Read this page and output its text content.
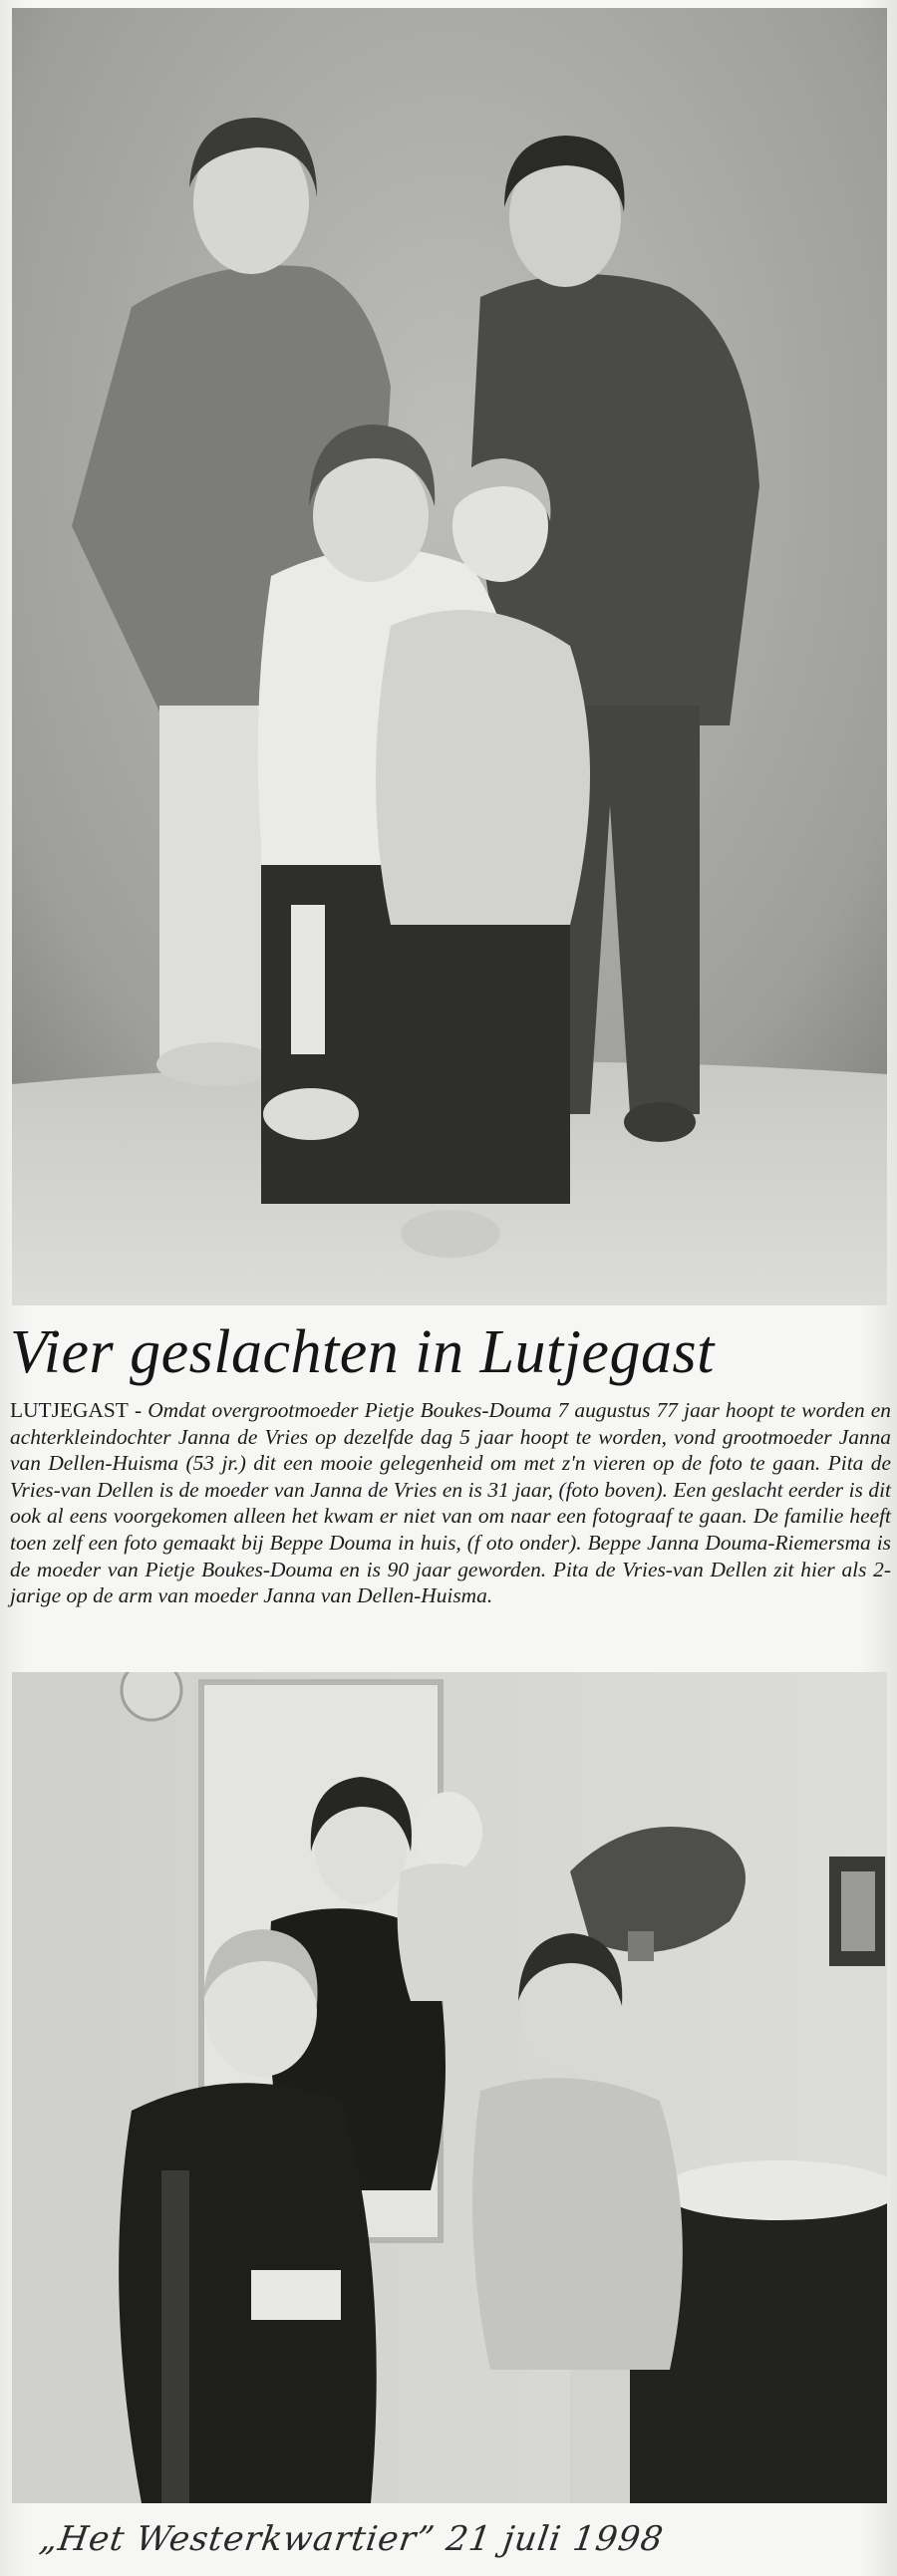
Vier geslachten in Lutjegast
LUTJEGAST - Omdat overgrootmoeder Pietje Boukes-Douma 7 augustus 77 jaar hoopt te worden en achterkleindochter Janna de Vries op dezelfde dag 5 jaar hoopt te worden, vond grootmoeder Janna van Dellen-Huisma (53 jr.) dit een mooie gelegenheid om met z'n vieren op de foto te gaan. Pita de Vries-van Dellen is de moeder van Janna de Vries en is 31 jaar, (foto boven). Een geslacht eerder is dit ook al eens voorgekomen alleen het kwam er niet van om naar een fotograaf te gaan. De familie heeft toen zelf een foto gemaakt bij Beppe Douma in huis, (f oto onder). Beppe Janna Douma-Riemersma is de moeder van Pietje Boukes-Douma en is 90 jaar geworden. Pita de Vries-van Dellen zit hier als 2-jarige op de arm van moeder Janna van Dellen-Huisma.
„Het Westerkwartier” 21 juli 1998
